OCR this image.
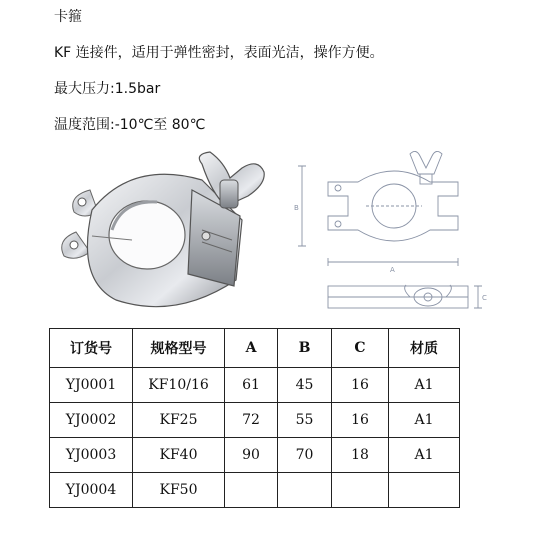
卡箍
KF 连接件，适用于弹性密封，表面光洁，操作方便。
最大压力:1.5bar
温度范围:-10℃至 80℃
B
A
C
订货号	规格型号	A	B	C	材质
YJ0001	KF10/16	61	45	16	A1
YJ0002	KF25	72	55	16	A1
YJ0003	KF40	90	70	18	A1
YJ0004	KF50				
